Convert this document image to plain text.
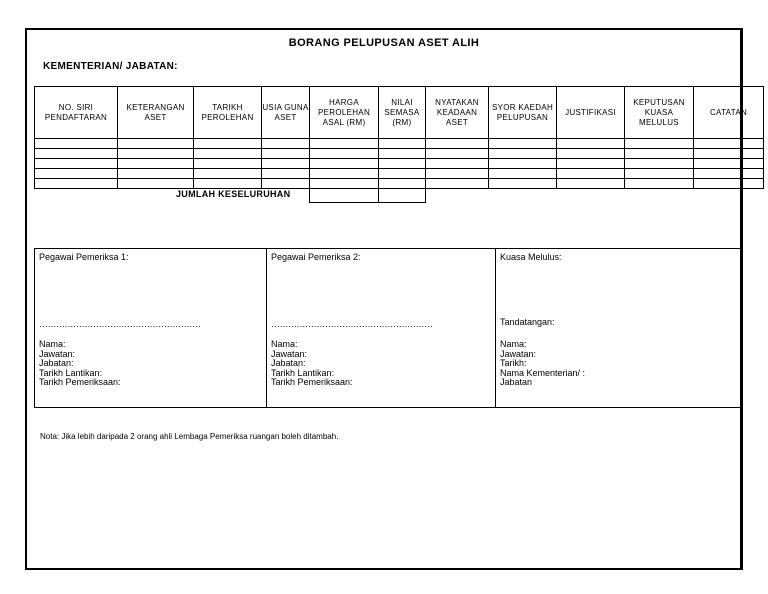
BORANG PELUPUSAN ASET ALIH
KEMENTERIAN/ JABATAN:
NO. SIRI PENDAFTARAN	KETERANGAN ASET	TARIKH PEROLEHAN	USIA GUNA ASET	HARGA PEROLEHAN ASAL (RM)	NILAI SEMASA (RM)	NYATAKAN KEADAAN ASET	SYOR KAEDAH PELUPUSAN	JUSTIFIKASI	KEPUTUSAN KUASA MELULUS	CATATAN

JUMLAH KESELURUHAN
Pegawai Pemeriksa 1:
…………………………………………………
Nama:
Jawatan:
Jabatan:
Tarikh Lantikan:
Tarikh Pemeriksaan:
Pegawai Pemeriksa 2:
…………………………………………………
Nama:
Jawatan:
Jabatan:
Tarikh Lantikan:
Tarikh Pemeriksaan:
Kuasa Melulus:
Tandatangan:
Nama:
Jawatan:
Tarikh:
Nama Kementerian/ :
Jabatan
Nota: Jika lebih daripada 2 orang ahli Lembaga Pemeriksa ruangan boleh ditambah.
